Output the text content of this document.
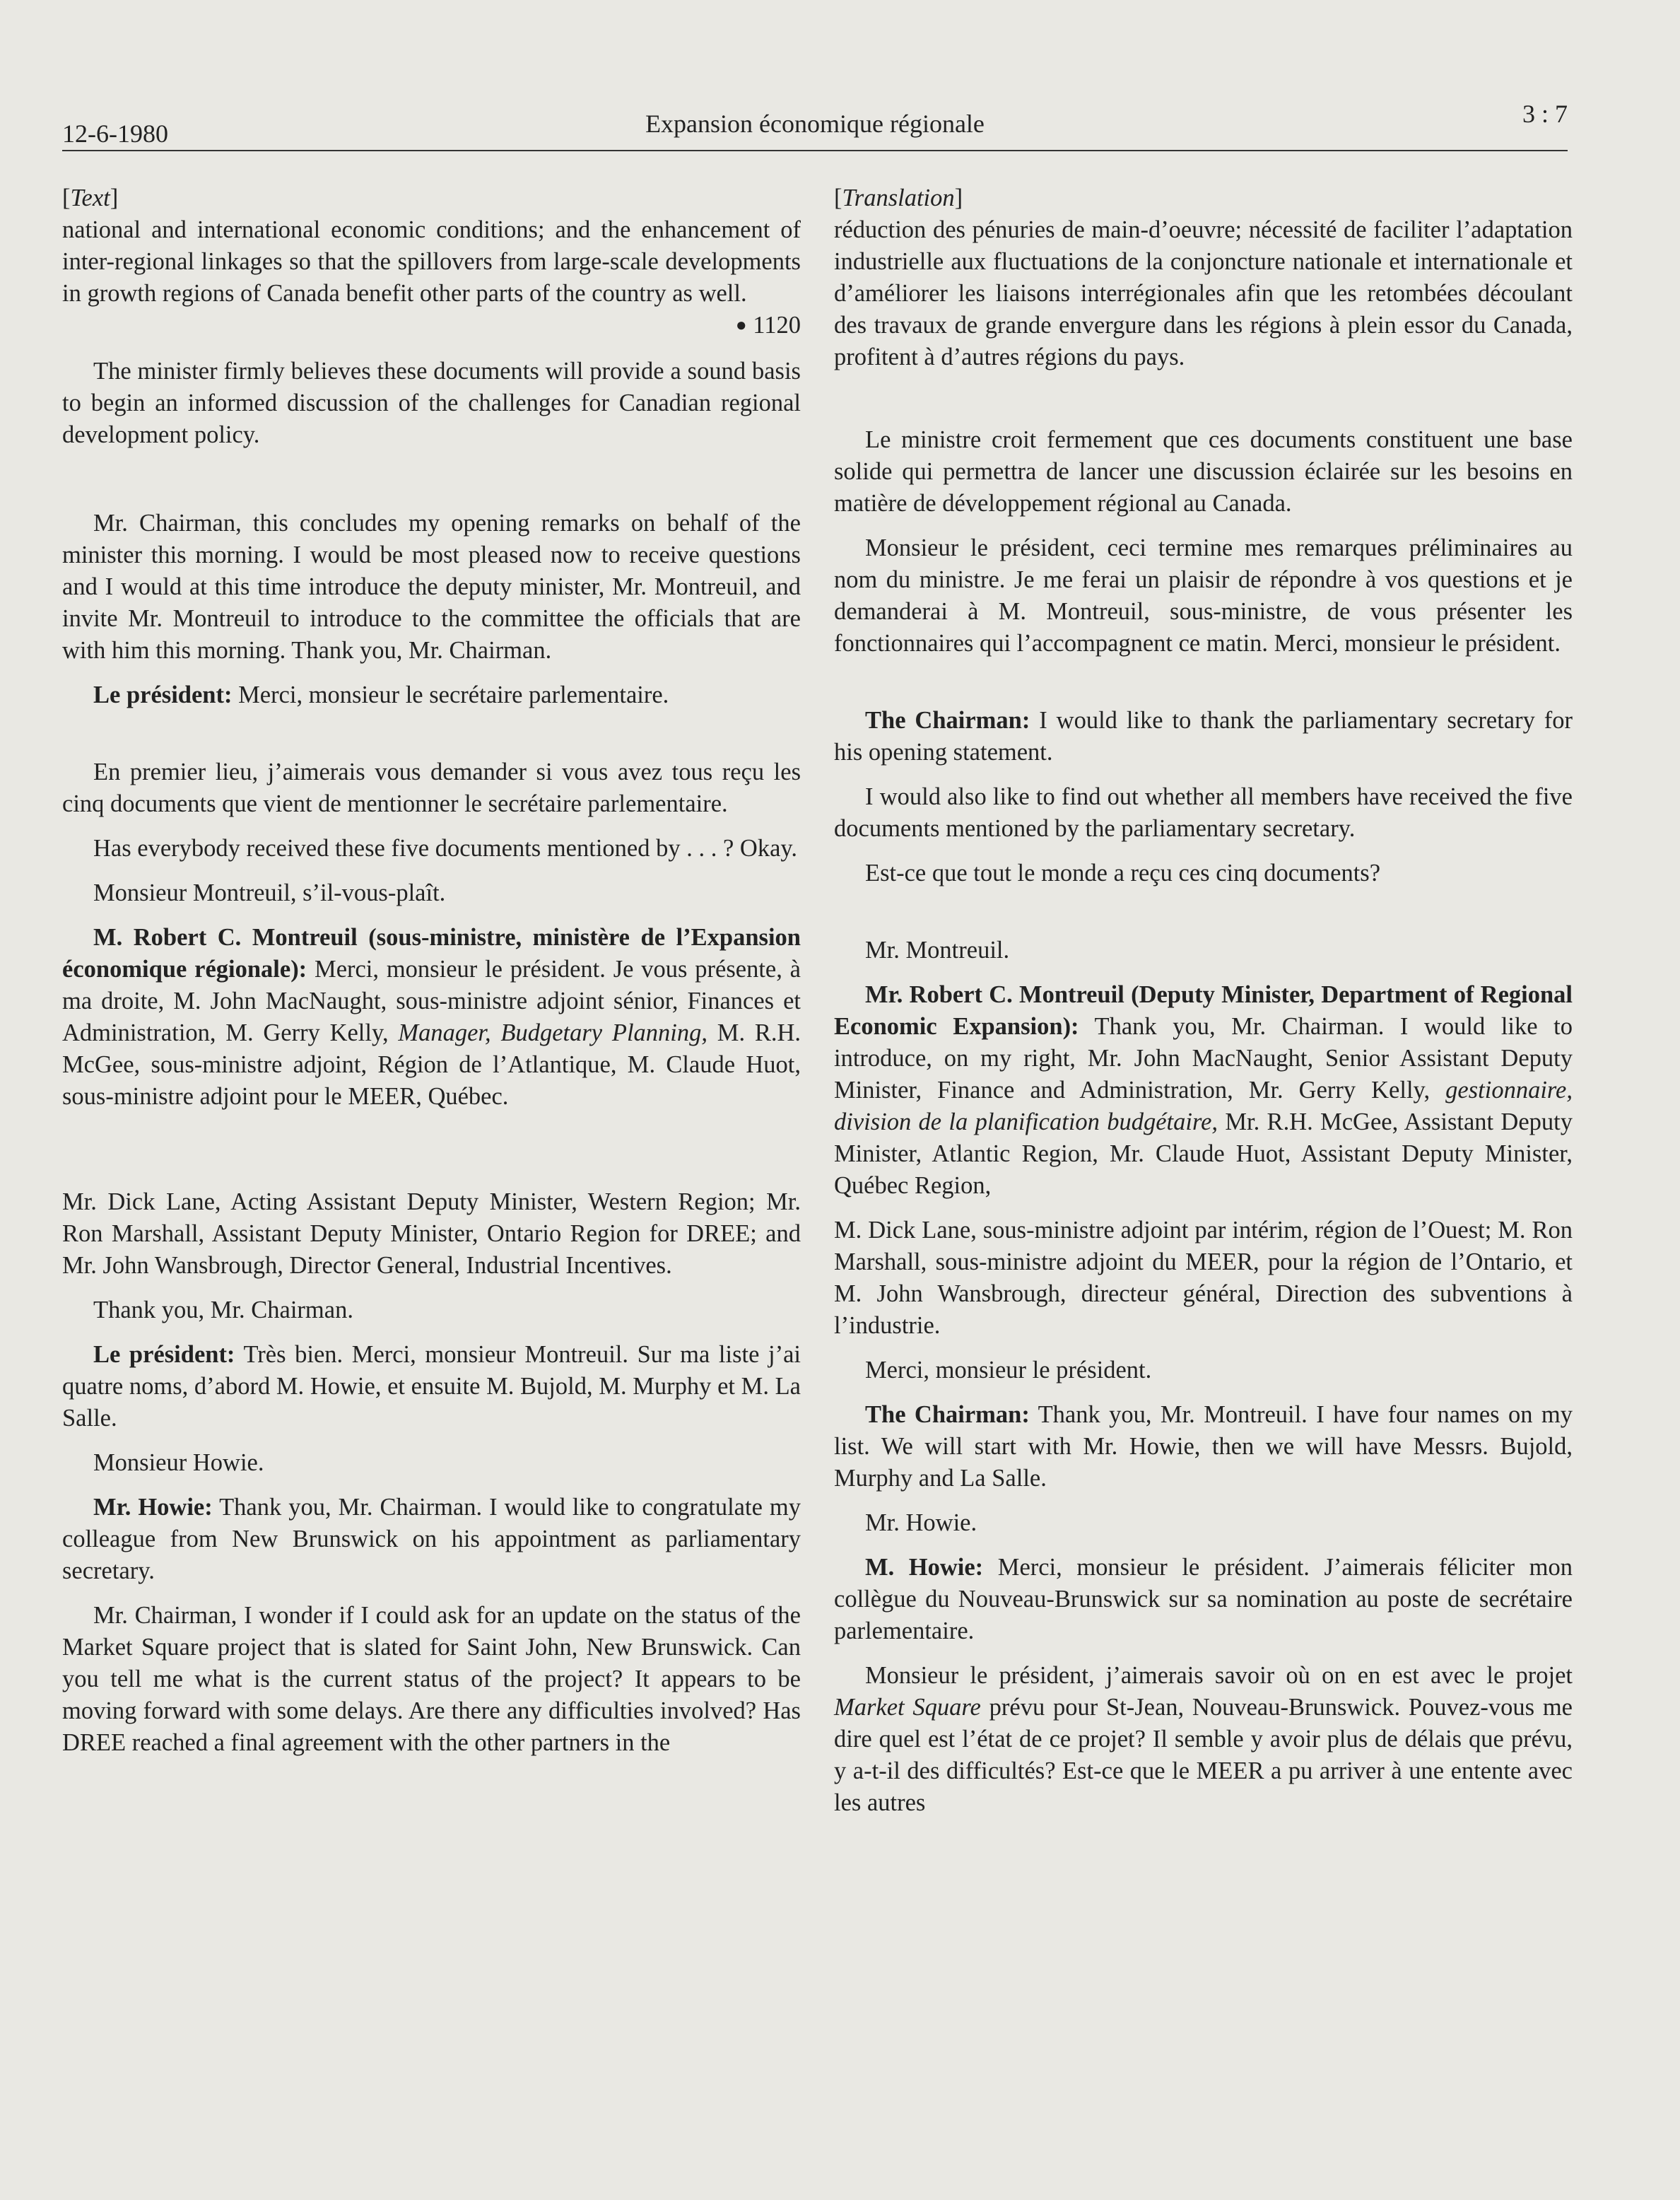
12-6-1980	Expansion économique régionale	3 : 7

[Text]

national and international economic conditions; and the enhancement of inter-regional linkages so that the spillovers from large-scale developments in growth regions of Canada benefit other parts of the country as well.

● 1120

The minister firmly believes these documents will provide a sound basis to begin an informed discussion of the challenges for Canadian regional development policy.

Mr. Chairman, this concludes my opening remarks on behalf of the minister this morning. I would be most pleased now to receive questions and I would at this time introduce the deputy minister, Mr. Montreuil, and invite Mr. Montreuil to introduce to the committee the officials that are with him this morning. Thank you, Mr. Chairman.

Le président: Merci, monsieur le secrétaire parlementaire.

En premier lieu, j’aimerais vous demander si vous avez tous reçu les cinq documents que vient de mentionner le secrétaire parlementaire.

Has everybody received these five documents mentioned by . . . ? Okay.

Monsieur Montreuil, s’il-vous-plaît.

M. Robert C. Montreuil (sous-ministre, ministère de l’Expansion économique régionale): Merci, monsieur le président. Je vous présente, à ma droite, M. John MacNaught, sous-ministre adjoint sénior, Finances et Administration, M. Gerry Kelly, Manager, Budgetary Planning, M. R.H. McGee, sous-ministre adjoint, Région de l’Atlantique, M. Claude Huot, sous-ministre adjoint pour le MEER, Québec.

Mr. Dick Lane, Acting Assistant Deputy Minister, Western Region; Mr. Ron Marshall, Assistant Deputy Minister, Ontario Region for DREE; and Mr. John Wansbrough, Director General, Industrial Incentives.

Thank you, Mr. Chairman.

Le président: Très bien. Merci, monsieur Montreuil. Sur ma liste j’ai quatre noms, d’abord M. Howie, et ensuite M. Bujold, M. Murphy et M. La Salle.

Monsieur Howie.

Mr. Howie: Thank you, Mr. Chairman. I would like to congratulate my colleague from New Brunswick on his appointment as parliamentary secretary.

Mr. Chairman, I wonder if I could ask for an update on the status of the Market Square project that is slated for Saint John, New Brunswick. Can you tell me what is the current status of the project? It appears to be moving forward with some delays. Are there any difficulties involved? Has DREE reached a final agreement with the other partners in the

[Translation]

réduction des pénuries de main-d’oeuvre; nécessité de faciliter l’adaptation industrielle aux fluctuations de la conjoncture nationale et internationale et d’améliorer les liaisons interrégionales afin que les retombées découlant des travaux de grande envergure dans les régions à plein essor du Canada, profitent à d’autres régions du pays.

Le ministre croit fermement que ces documents constituent une base solide qui permettra de lancer une discussion éclairée sur les besoins en matière de développement régional au Canada.

Monsieur le président, ceci termine mes remarques préliminaires au nom du ministre. Je me ferai un plaisir de répondre à vos questions et je demanderai à M. Montreuil, sous-ministre, de vous présenter les fonctionnaires qui l’accompagnent ce matin. Merci, monsieur le président.

The Chairman: I would like to thank the parliamentary secretary for his opening statement.

I would also like to find out whether all members have received the five documents mentioned by the parliamentary secretary.

Est-ce que tout le monde a reçu ces cinq documents?

Mr. Montreuil.

Mr. Robert C. Montreuil (Deputy Minister, Department of Regional Economic Expansion): Thank you, Mr. Chairman. I would like to introduce, on my right, Mr. John MacNaught, Senior Assistant Deputy Minister, Finance and Administration, Mr. Gerry Kelly, gestionnaire, division de la planification budgétaire, Mr. R.H. McGee, Assistant Deputy Minister, Atlantic Region, Mr. Claude Huot, Assistant Deputy Minister, Québec Region,

M. Dick Lane, sous-ministre adjoint par intérim, région de l’Ouest; M. Ron Marshall, sous-ministre adjoint du MEER, pour la région de l’Ontario, et M. John Wansbrough, directeur général, Direction des subventions à l’industrie.

Merci, monsieur le président.

The Chairman: Thank you, Mr. Montreuil. I have four names on my list. We will start with Mr. Howie, then we will have Messrs. Bujold, Murphy and La Salle.

Mr. Howie.

M. Howie: Merci, monsieur le président. J’aimerais féliciter mon collègue du Nouveau-Brunswick sur sa nomination au poste de secrétaire parlementaire.

Monsieur le président, j’aimerais savoir où on en est avec le projet Market Square prévu pour St-Jean, Nouveau-Brunswick. Pouvez-vous me dire quel est l’état de ce projet? Il semble y avoir plus de délais que prévu, y a-t-il des difficultés? Est-ce que le MEER a pu arriver à une entente avec les autres
